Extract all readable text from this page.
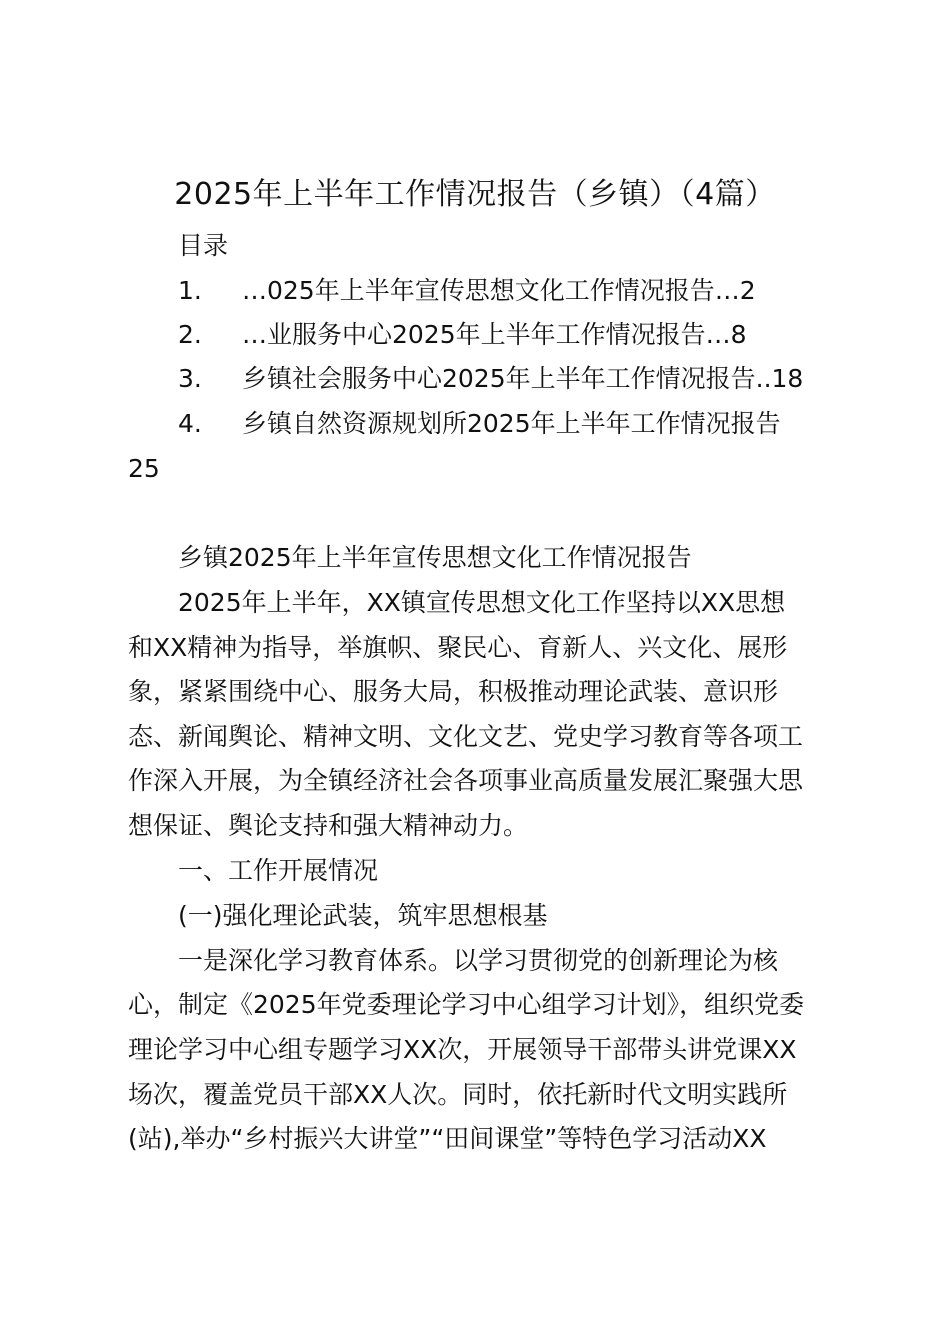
2025年上半年工作情况报告（乡镇）（4篇）
目录
1. …025年上半年宣传思想文化工作情况报告…2
2. …业服务中心2025年上半年工作情况报告…8
3. 乡镇社会服务中心2025年上半年工作情况报告..18
4. 乡镇自然资源规划所2025年上半年工作情况报告
25
乡镇2025年上半年宣传思想文化工作情况报告
2025年上半年，XX镇宣传思想文化工作坚持以XX思想
和XX精神为指导，举旗帜、聚民心、育新人、兴文化、展形
象，紧紧围绕中心、服务大局，积极推动理论武装、意识形
态、新闻舆论、精神文明、文化文艺、党史学习教育等各项工
作深入开展，为全镇经济社会各项事业高质量发展汇聚强大思
想保证、舆论支持和强大精神动力。
一、工作开展情况
(一)强化理论武装，筑牢思想根基
一是深化学习教育体系。以学习贯彻党的创新理论为核
心，制定《2025年党委理论学习中心组学习计划》，组织党委
理论学习中心组专题学习XX次，开展领导干部带头讲党课XX
场次，覆盖党员干部XX人次。同时，依托新时代文明实践所
(站),举办“乡村振兴大讲堂”“田间课堂”等特色学习活动XX
